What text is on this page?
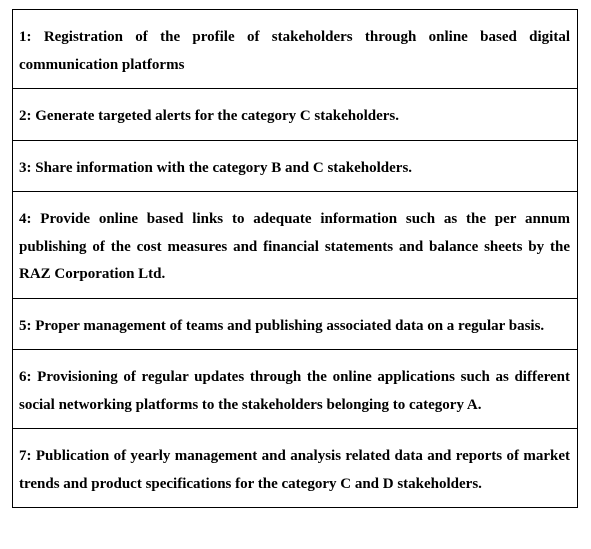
1: Registration of the profile of stakeholders through online based digital communication platforms
2: Generate targeted alerts for the category C stakeholders.
3: Share information with the category B and C stakeholders.
4: Provide online based links to adequate information such as the per annum publishing of the cost measures and financial statements and balance sheets by the RAZ Corporation Ltd.
5: Proper management of teams and publishing associated data on a regular basis.
6: Provisioning of regular updates through the online applications such as different social networking platforms to the stakeholders belonging to category A.
7: Publication of yearly management and analysis related data and reports of market trends and product specifications for the category C and D stakeholders.
